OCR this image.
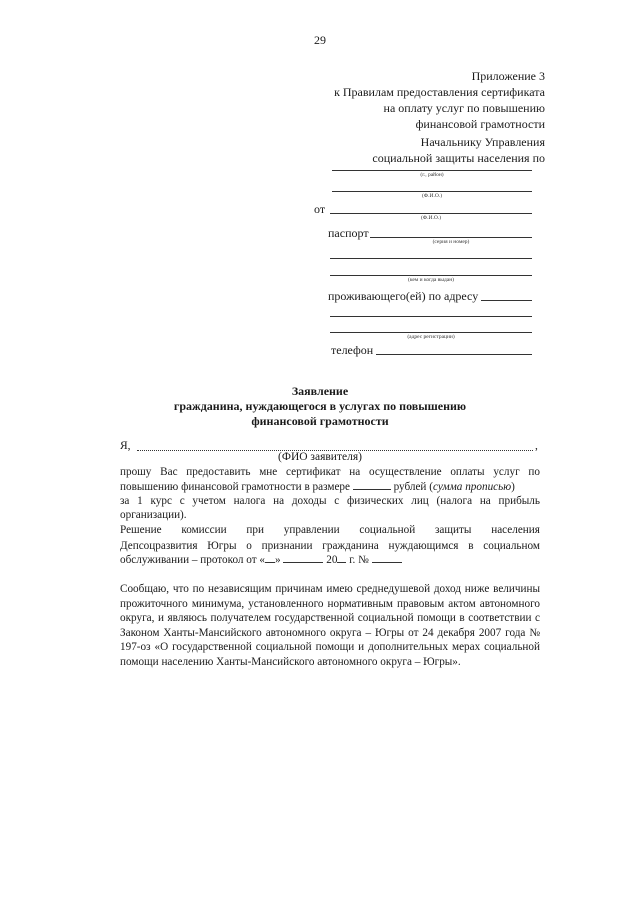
29
Приложение 3
к Правилам предоставления сертификата
на оплату услуг по повышению
финансовой грамотности
Начальнику Управления
социальной защиты населения по
(г., район)
(Ф.И.О.)
от
(Ф.И.О.)
паспорт
(серия и номер)
(кем и когда выдан)
проживающего(ей) по адресу
(адрес регистрации)
телефон
Заявление
гражданина, нуждающегося в услугах по повышению
финансовой грамотности
Я,	,
(ФИО заявителя)
прошу Вас предоставить мне сертификат на осуществление оплаты услуг по
повышению финансовой грамотности в размере	рублей (сумма прописью)
за 1 курс с учетом налога на доходы с физических лиц (налога на прибыль
организации).
Решение комиссии при управлении социальной защиты населения
Депсоцразвития Югры о признании гражданина нуждающимся в социальном
обслуживании – протокол от « »	20 г. №
Сообщаю, что по независящим причинам имею среднедушевой доход ниже величины прожиточного минимума, установленного нормативным правовым актом автономного округа, и являюсь получателем государственной социальной помощи в соответствии с Законом Ханты-Мансийского автономного округа – Югры от 24 декабря 2007 года № 197-оз «О государственной социальной помощи и дополнительных мерах социальной помощи населению Ханты-Мансийского автономного округа – Югры».
